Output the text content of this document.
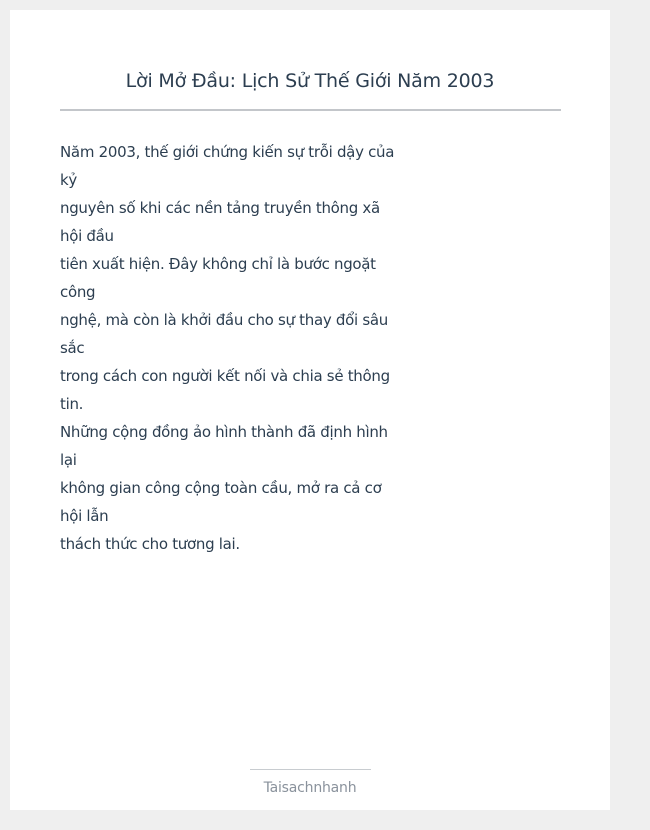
Lời Mở Đầu: Lịch Sử Thế Giới Năm 2003
Năm 2003, thế giới chứng kiến sự trỗi dậy của
kỷ
nguyên số khi các nền tảng truyền thông xã
hội đầu
tiên xuất hiện. Đây không chỉ là bước ngoặt
công
nghệ, mà còn là khởi đầu cho sự thay đổi sâu
sắc
trong cách con người kết nối và chia sẻ thông
tin.
Những cộng đồng ảo hình thành đã định hình
lại
không gian công cộng toàn cầu, mở ra cả cơ
hội lẫn
thách thức cho tương lai.
Taisachnhanh
